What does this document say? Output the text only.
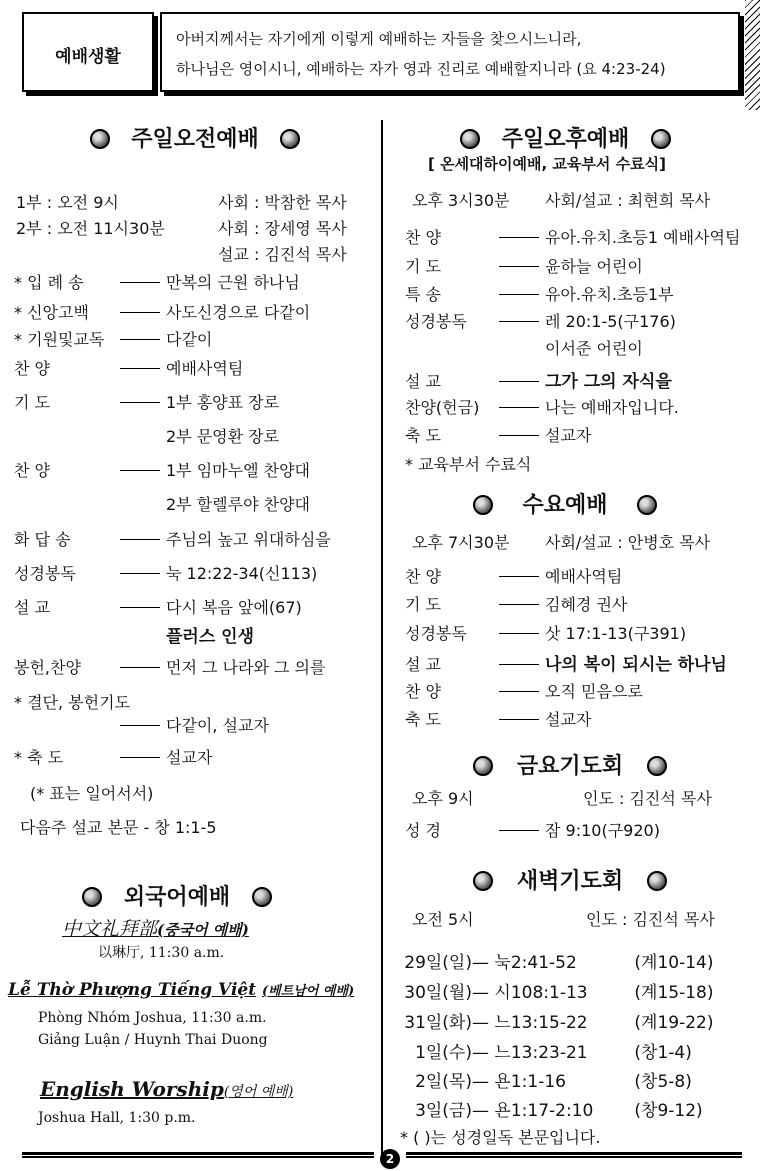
예배생활
아버지께서는 자기에게 이렇게 예배하는 자들을 찾으시느니라,
하나님은 영이시니, 예배하는 자가 영과 진리로 예배할지니라 (요 4:23-24)
주일오전예배
1부 : 오전 9시	사회 : 박참한 목사
2부 : 오전 11시30분	사회 : 장세영 목사
설교 : 김진석 목사
* 입 례 송	만복의 근원 하나님
* 신앙고백	사도신경으로 다같이
* 기원및교독	다같이
찬 양	예배사역팀
기 도	1부 홍양표 장로
2부 문영환 장로
찬 양	1부 임마누엘 찬양대
2부 할렐루야 찬양대
화 답 송	주님의 높고 위대하심을
성경봉독	눅 12:22-34(신113)
설 교	다시 복음 앞에(67)
플러스 인생
봉헌,찬양	먼저 그 나라와 그 의를
* 결단, 봉헌기도
다같이, 설교자
* 축 도	설교자
(* 표는 일어서서)
다음주 설교 본문 - 창 1:1-5
외국어예배
中文礼拜部(중국어 예배)
以琳厅, 11:30 a.m.
Lễ Thờ Phượng Tiếng Việt (베트남어 예배)
Phòng Nhóm Joshua, 11:30 a.m.
Giảng Luận / Huynh Thai Duong
English Worship(영어 예배)
Joshua Hall, 1:30 p.m.
주일오후예배
[ 온세대하이예배, 교육부서 수료식]
오후 3시30분 사회/설교 : 최현희 목사
찬 양	유아.유치.초등1 예배사역팀
기 도	윤하늘 어린이
특 송	유아.유치.초등1부
성경봉독	레 20:1-5(구176)
이서준 어린이
설 교	그가 그의 자식을
찬양(헌금)	나는 예배자입니다.
축 도	설교자
* 교육부서 수료식
수요예배
오후 7시30분 사회/설교 : 안병호 목사
찬 양	예배사역팀
기 도	김혜경 권사
성경봉독	삿 17:1-13(구391)
설 교	나의 복이 되시는 하나님
찬 양	오직 믿음으로
축 도	설교자
금요기도회
오후 9시	인도 : 김진석 목사
성 경	잠 9:10(구920)
새벽기도회
오전 5시	인도 : 김진석 목사
29일(일)— 눅2:41-52	(계10-14)
30일(월)— 시108:1-13	(계15-18)
31일(화)— 느13:15-22	(계19-22)
1일(수)— 느13:23-21	(창1-4)
2일(목)— 욘1:1-16	(창5-8)
3일(금)— 욘1:17-2:10 (창9-12)
* ( )는 성경일독 본문입니다.
2
